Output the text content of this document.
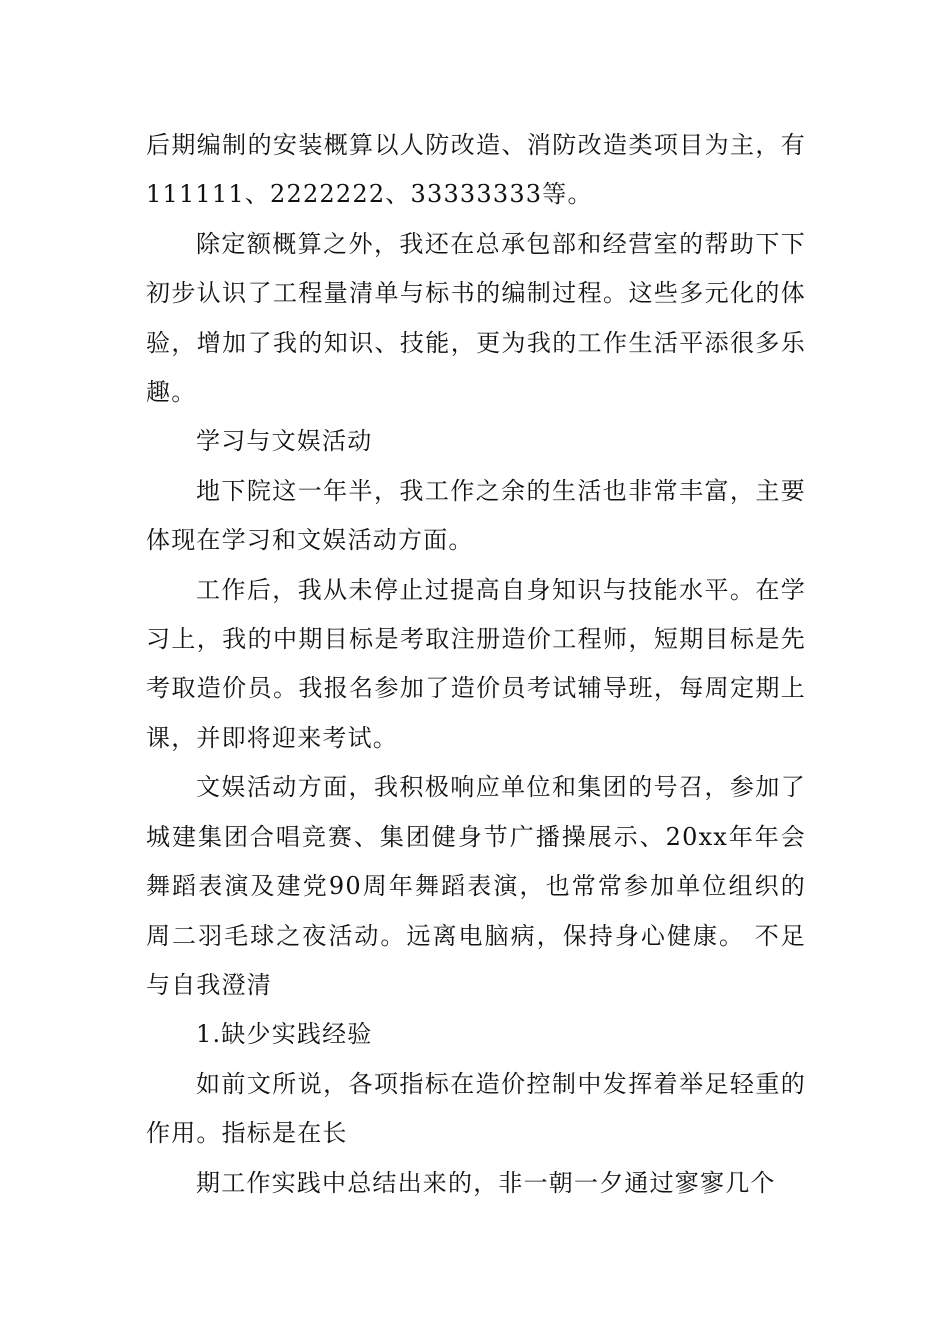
后期编制的安装概算以人防改造、消防改造类项目为主，有111111、2222222、33333333等。

除定额概算之外，我还在总承包部和经营室的帮助下下初步认识了工程量清单与标书的编制过程。这些多元化的体验，增加了我的知识、技能，更为我的工作生活平添很多乐趣。

学习与文娱活动

地下院这一年半，我工作之余的生活也非常丰富，主要体现在学习和文娱活动方面。

工作后，我从未停止过提高自身知识与技能水平。在学习上，我的中期目标是考取注册造价工程师，短期目标是先考取造价员。我报名参加了造价员考试辅导班，每周定期上课，并即将迎来考试。

文娱活动方面，我积极响应单位和集团的号召，参加了城建集团合唱竞赛、集团健身节广播操展示、20xx年年会舞蹈表演及建党90周年舞蹈表演，也常常参加单位组织的周二羽毛球之夜活动。远离电脑病，保持身心健康。 不足与自我澄清

1.缺少实践经验

如前文所说，各项指标在造价控制中发挥着举足轻重的作用。指标是在长

期工作实践中总结出来的，非一朝一夕通过寥寥几个
